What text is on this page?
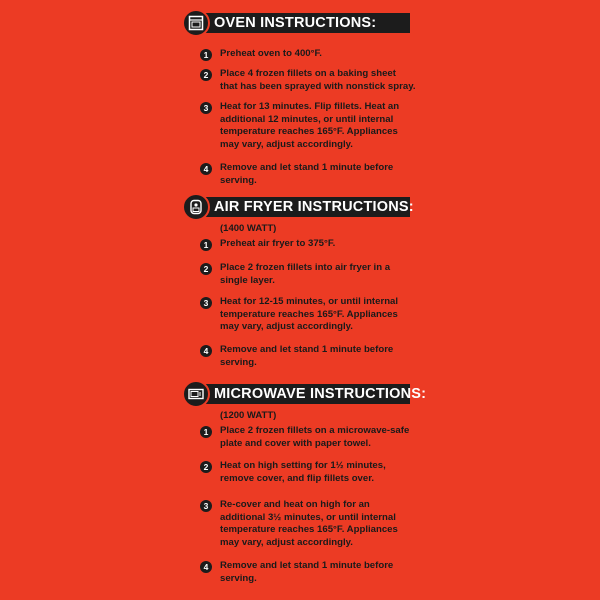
OVEN INSTRUCTIONS:
1	Preheat oven to 400°F.
2	Place 4 frozen fillets on a baking sheet
that has been sprayed with nonstick spray.
3	Heat for 13 minutes. Flip fillets. Heat an
additional 12 minutes, or until internal
temperature reaches 165°F. Appliances
may vary, adjust accordingly.
4	Remove and let stand 1 minute before
serving.
AIR FRYER INSTRUCTIONS:
(1400 WATT)
1	Preheat air fryer to 375°F.
2	Place 2 frozen fillets into air fryer in a
single layer.
3	Heat for 12-15 minutes, or until internal
temperature reaches 165°F. Appliances
may vary, adjust accordingly.
4	Remove and let stand 1 minute before
serving.
MICROWAVE INSTRUCTIONS:
(1200 WATT)
1	Place 2 frozen fillets on a microwave-safe
plate and cover with paper towel.
2	Heat on high setting for 1½ minutes,
remove cover, and flip fillets over.
3	Re-cover and heat on high for an
additional 3½ minutes, or until internal
temperature reaches 165°F. Appliances
may vary, adjust accordingly.
4	Remove and let stand 1 minute before
serving.
